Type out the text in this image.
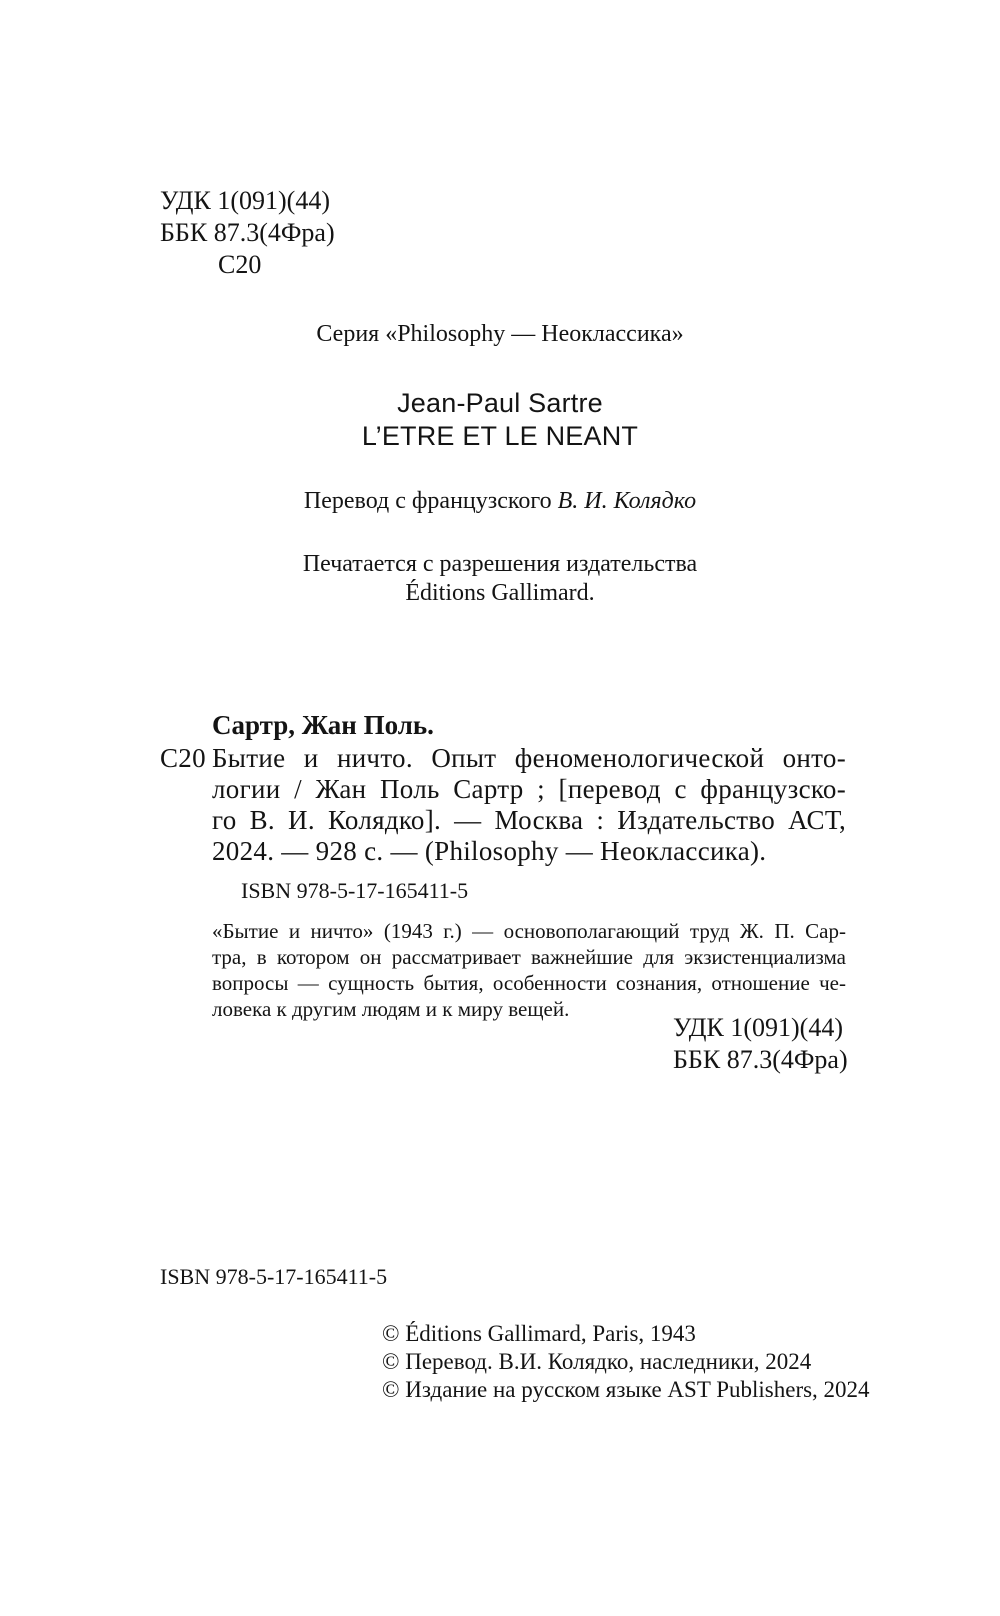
УДК 1(091)(44)
ББК 87.3(4Фра)
С20
Серия «Philosophy — Неоклассика»
Jean-Paul Sartre
L’ETRE ET LE NEANT
Перевод с французского В. И. Колядко
Печатается с разрешения издательства
Éditions Gallimard.
Сартр, Жан Поль.
С20 Бытие и ничто. Опыт феноменологической онто-
логии / Жан Поль Сартр ; [перевод с французско-
го В. И. Колядко]. — Москва : Издательство АСТ,
2024. — 928 с. — (Philosophy — Неоклассика).
ISBN 978-5-17-165411-5
«Бытие и ничто» (1943 г.) — основополагающий труд Ж. П. Сар-
тра, в котором он рассматривает важнейшие для экзистенциализма
вопросы — сущность бытия, особенности сознания, отношение че-
ловека к другим людям и к миру вещей.
УДК 1(091)(44)
ББК 87.3(4Фра)
ISBN 978-5-17-165411-5
© Éditions Gallimard, Paris, 1943
© Перевод. В.И. Колядко, наследники, 2024
© Издание на русском языке AST Publishers, 2024
